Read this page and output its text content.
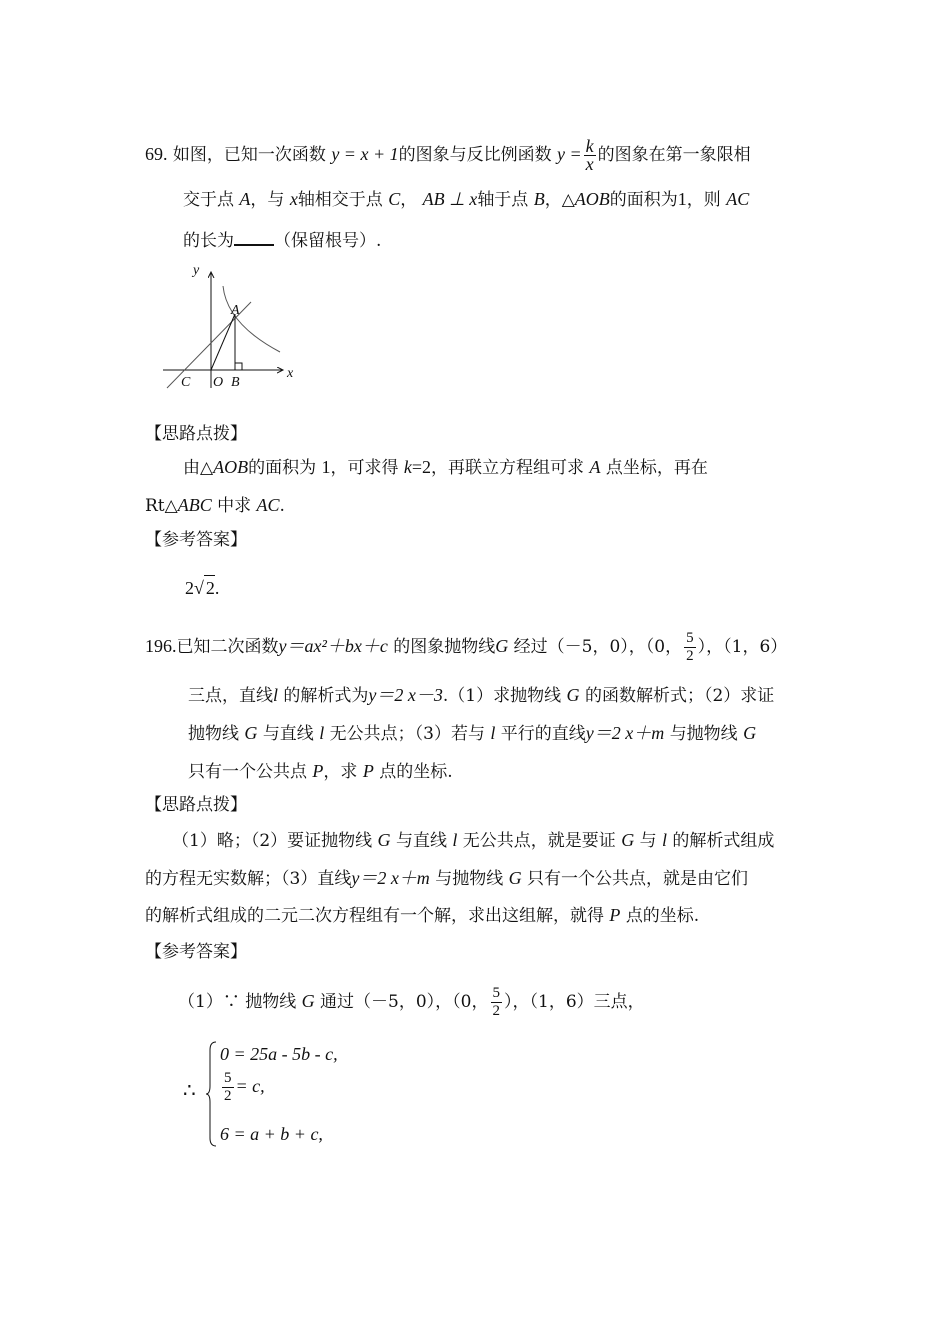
69. 如图，已知一次函数 y = x + 1的图象与反比例函数 $y = \frac{k}{x}$ 的图象在第一象限相
交于点 A，与 x轴相交于点 C， AB ⊥ x轴于点 B，△AOB的面积为1，则 AC
的长为 （保留根号）.
y
x
A
C O B
【思路点拨】
由△AOB的面积为 1，可求得 k=2，再联立方程组可求 A 点坐标，再在
Rt△ABC 中求 AC.
【参考答案】
2√ 2.
196.已知二次函数y＝ax²＋bx＋c 的图象抛物线G 经过（－5，0），（0， $\frac{5}{2}$ ），（1，6）
三点，直线l 的解析式为y＝2 x－3.（1）求抛物线 G 的函数解析式；（2）求证
抛物线 G 与直线 l 无公共点；（3）若与 l 平行的直线y＝2 x＋m 与抛物线 G
只有一个公共点 P，求 P 点的坐标.
【思路点拨】
（1）略；（2）要证抛物线 G 与直线 l 无公共点，就是要证 G 与 l 的解析式组成
的方程无实数解；（3）直线y＝2 x＋m 与抛物线 G 只有一个公共点，就是由它们
的解析式组成的二元二次方程组有一个解，求出这组解，就得 P 点的坐标.
【参考答案】
（1）∵ 抛物线 G 通过（－5，0），（0， $\frac{5}{2}$ ），（1，6）三点，
∴
0 = 25a - 5b - c,
$\frac{5}{2} = c$,
6 = a + b + c,
